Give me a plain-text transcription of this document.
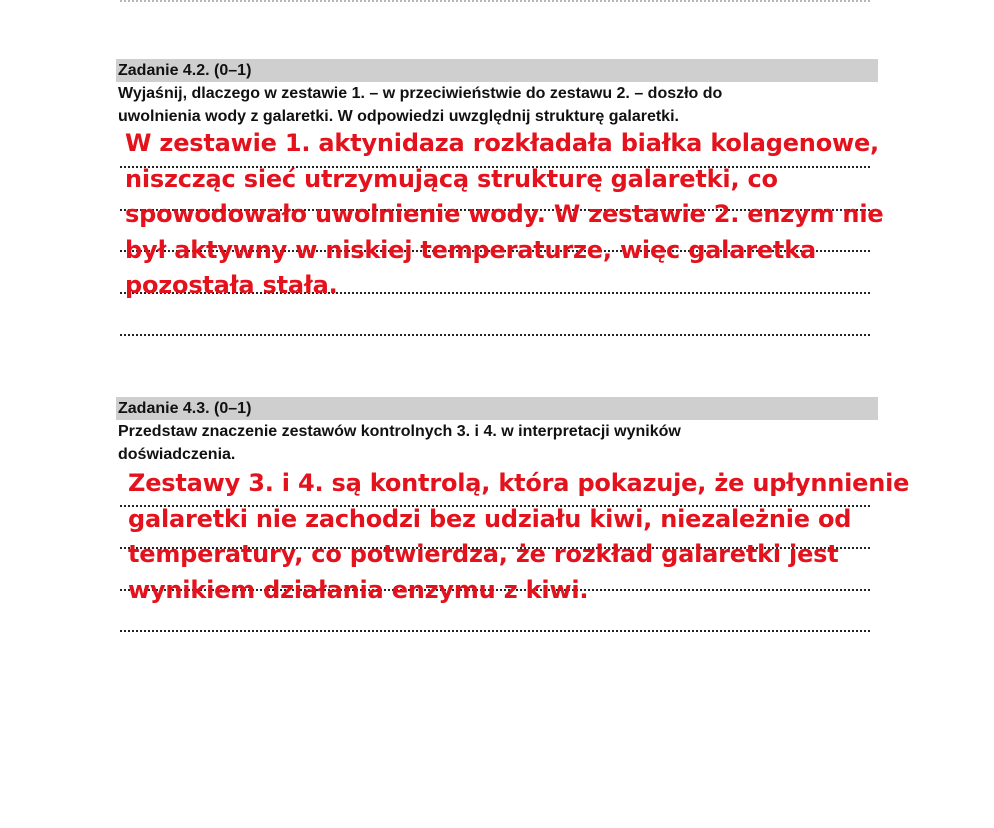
Zadanie 4.2. (0–1)
Wyjaśnij, dlaczego w zestawie 1. – w przeciwieństwie do zestawu 2. – doszło do
uwolnienia wody z galaretki. W odpowiedzi uwzględnij strukturę galaretki.
W zestawie 1. aktynidaza rozkładała białka kolagenowe,
niszcząc sieć utrzymującą strukturę galaretki, co
spowodowało uwolnienie wody. W zestawie 2. enzym nie
był aktywny w niskiej temperaturze, więc galaretka
pozostała stała.
Zadanie 4.3. (0–1)
Przedstaw znaczenie zestawów kontrolnych 3. i 4. w interpretacji wyników
doświadczenia.
Zestawy 3. i 4. są kontrolą, która pokazuje, że upłynnienie
galaretki nie zachodzi bez udziału kiwi, niezależnie od
temperatury, co potwierdza, że rozkład galaretki jest
wynikiem działania enzymu z kiwi.
